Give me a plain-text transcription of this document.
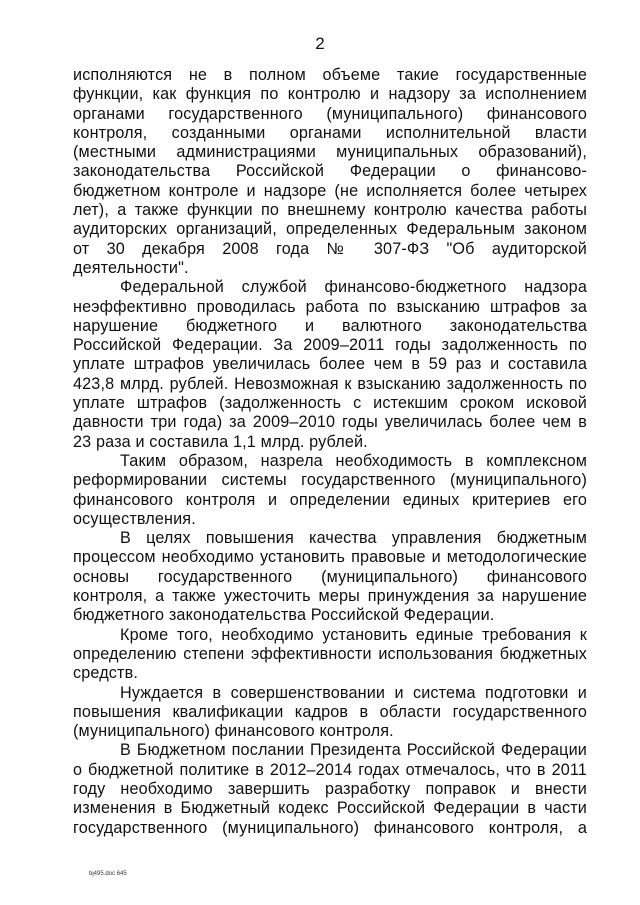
2

исполняются не в полном объеме такие государственные функции, как функция по контролю и надзору за исполнением органами государственного (муниципального) финансового контроля, созданными органами исполнительной власти (местными администрациями муниципальных образований), законодательства Российской Федерации о финансово-бюджетном контроле и надзоре (не исполняется более четырех лет), а также функции по внешнему контролю качества работы аудиторских организаций, определенных Федеральным законом от 30 декабря 2008 года № 307-ФЗ "Об аудиторской деятельности".

Федеральной службой финансово-бюджетного надзора неэффективно проводилась работа по взысканию штрафов за нарушение бюджетного и валютного законодательства Российской Федерации. За 2009–2011 годы задолженность по уплате штрафов увеличилась более чем в 59 раз и составила 423,8 млрд. рублей. Невозможная к взысканию задолженность по уплате штрафов (задолженность с истекшим сроком исковой давности три года) за 2009–2010 годы увеличилась более чем в 23 раза и составила 1,1 млрд. рублей.

Таким образом, назрела необходимость в комплексном реформировании системы государственного (муниципального) финансового контроля и определении единых критериев его осуществления.

В целях повышения качества управления бюджетным процессом необходимо установить правовые и методологические основы государственного (муниципального) финансового контроля, а также ужесточить меры принуждения за нарушение бюджетного законодательства Российской Федерации.

Кроме того, необходимо установить единые требования к определению степени эффективности использования бюджетных средств.

Нуждается в совершенствовании и система подготовки и повышения квалификации кадров в области государственного (муниципального) финансового контроля.

В Бюджетном послании Президента Российской Федерации о бюджетной политике в 2012–2014 годах отмечалось, что в 2011 году необходимо завершить разработку поправок и внести изменения в Бюджетный кодекс Российской Федерации в части государственного (муниципального) финансового контроля, а

bj495.doc 645
